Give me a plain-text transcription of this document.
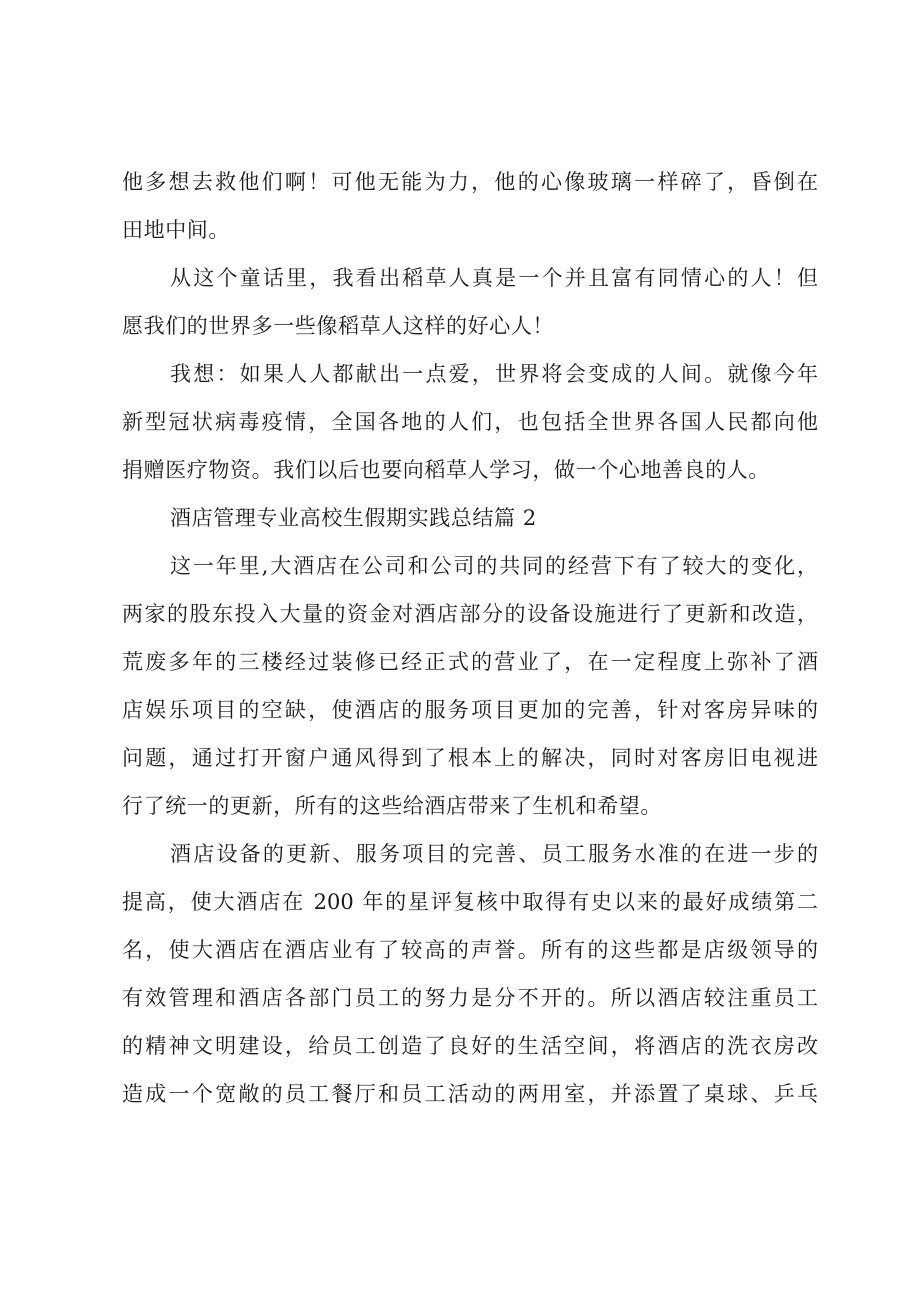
他多想去救他们啊！可他无能为力，他的心像玻璃一样碎了，昏倒在
田地中间。
从这个童话里，我看出稻草人真是一个并且富有同情心的人！但
愿我们的世界多一些像稻草人这样的好心人！
我想：如果人人都献出一点爱，世界将会变成的人间。就像今年
新型冠状病毒疫情，全国各地的人们，也包括全世界各国人民都向他
捐赠医疗物资。我们以后也要向稻草人学习，做一个心地善良的人。
酒店管理专业高校生假期实践总结篇 2
这一年里,大酒店在公司和公司的共同的经营下有了较大的变化，
两家的股东投入大量的资金对酒店部分的设备设施进行了更新和改造，
荒废多年的三楼经过装修已经正式的营业了，在一定程度上弥补了酒
店娱乐项目的空缺，使酒店的服务项目更加的完善，针对客房异味的
问题，通过打开窗户通风得到了根本上的解决，同时对客房旧电视进
行了统一的更新，所有的这些给酒店带来了生机和希望。
酒店设备的更新、服务项目的完善、员工服务水准的在进一步的
提高，使大酒店在 200 年的星评复核中取得有史以来的最好成绩第二
名，使大酒店在酒店业有了较高的声誉。所有的这些都是店级领导的
有效管理和酒店各部门员工的努力是分不开的。所以酒店较注重员工
的精神文明建设，给员工创造了良好的生活空间，将酒店的洗衣房改
造成一个宽敞的员工餐厅和员工活动的两用室，并添置了桌球、乒乓
